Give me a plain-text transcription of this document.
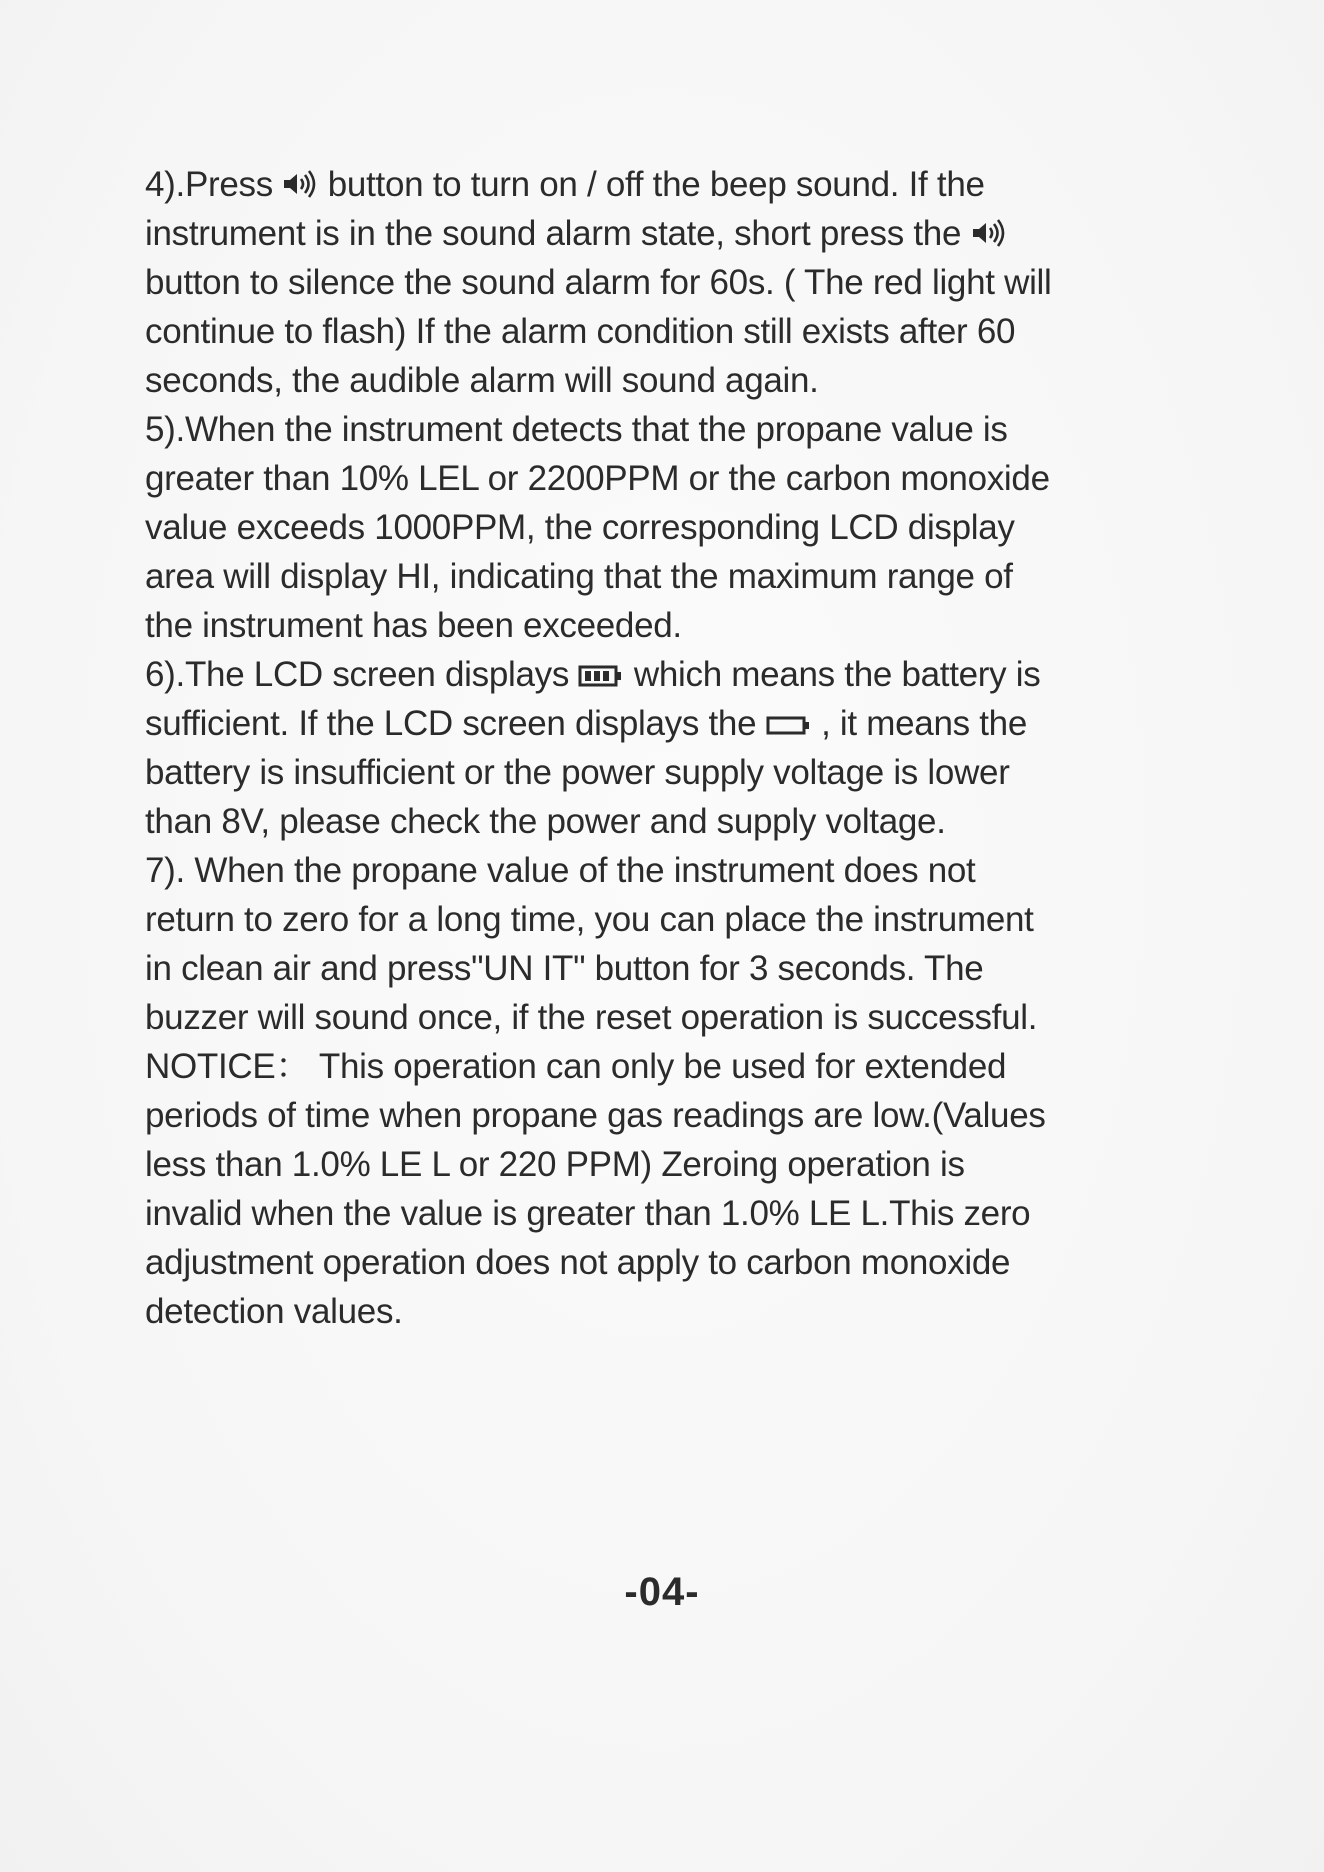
4).Press  button to turn on / off the beep sound. If the
instrument is in the sound alarm state, short press the
button to silence the sound alarm for 60s. ( The red light will
continue to flash) If the alarm condition still exists after 60
seconds, the audible alarm will sound again.
5).When the instrument detects that the propane value is
greater than 10% LEL or 2200PPM or the carbon monoxide
value exceeds 1000PPM, the corresponding LCD display
area will display HI, indicating that the maximum range of
the instrument has been exceeded.
6).The LCD screen displays  which means the battery is
sufficient. If the LCD screen displays the  , it means the
battery is insufficient or the power supply voltage is lower
than 8V, please check the power and supply voltage.
7). When the propane value of the instrument does not
return to zero for a long time, you can place the instrument
in clean air and press"UN IT" button for 3 seconds. The
buzzer will sound once, if the reset operation is successful.
NOTICE： This operation can only be used for extended
periods of time when propane gas readings are low.(Values
less than 1.0% LE L or 220 PPM) Zeroing operation is
invalid when the value is greater than 1.0% LE L.This zero
adjustment operation does not apply to carbon monoxide
detection values.
-04-
